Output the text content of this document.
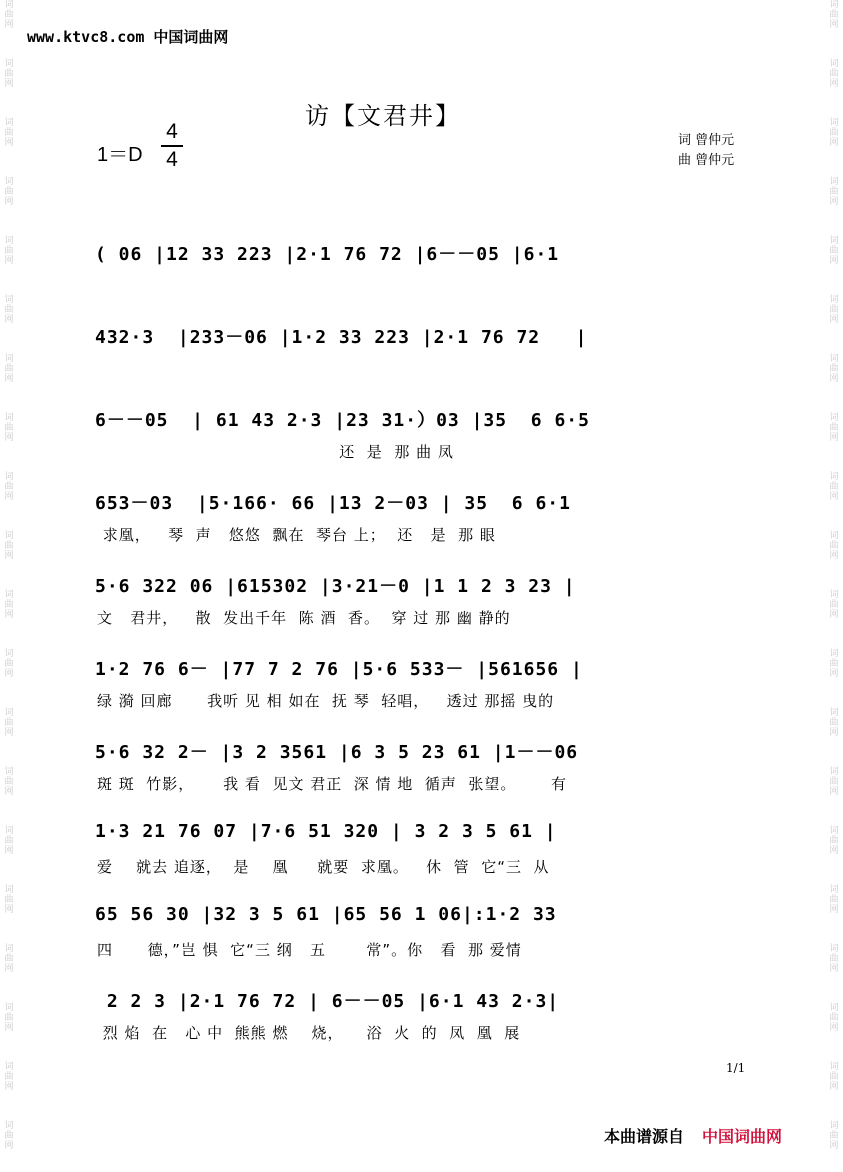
词
曲
网
词
曲
网
词
曲
网
词
曲
网
词
曲
网
词
曲
网
词
曲
网
词
曲
网
词
曲
网
词
曲
网
词
曲
网
词
曲
网
词
曲
网
词
曲
网
词
曲
网
词
曲
网
词
曲
网
词
曲
网
词
曲
网
词
曲
网
词
曲
网
词
曲
网
词
曲
网
词
曲
网
词
曲
网
词
曲
网
词
曲
网
词
曲
网
词
曲
网
词
曲
网
词
曲
网
词
曲
网
词
曲
网
词
曲
网
词
曲
网
词
曲
网
词
曲
网
词
曲
网
词
曲
网
词
曲
网
www.ktvc8.com 中国词曲网
访【文君井】
1＝D
4
4
词 曾仲元
曲 曾仲元
( 06 |12 33 223 |2·1 76 72 |6－－05 |6·1
432·3  |233－06 |1·2 33 223 |2·1 76 72   |
6－－05  | 61 43 2·3 |23 31·）03 |35  6 6·5
还  是  那 曲 凤
653－03  |5·166· 66 |13 2－03 | 35  6 6·1
求凰，   琴  声   悠悠  飘在  琴台 上；  还   是  那 眼
5·6 322 06 |615302 |3·21－0 |1 1 2 3 23 |
文   君井，   散  发出千年  陈 酒  香。  穿 过 那 幽 静的
1·2 76 6－ |77 7 2 76 |5·6 533－ |561656 |
绿 漪 回廊      我听 见 相 如在  抚 琴  轻唱，   透过 那摇 曳的
5·6 32 2－ |3 2 3561 |6 3 5 23 61 |1－－06
斑 斑  竹影，     我 看  见文 君正  深 情 地  循声  张望。      有
1·3 21 76 07 |7·6 51 320 | 3 2 3 5 61 |
爱    就去 追逐，  是    凰     就要  求凰。   休  管  它“三  从
65 56 30 |32 3 5 61 |65 56 1 06|:1·2 33
四      德，”岂 惧  它“三 纲   五       常”。你   看  那 爱情
2 2 3 |2·1 76 72 | 6－－05 |6·1 43 2·3|
烈 焰  在   心 中  熊熊 燃    烧，    浴  火  的  凤  凰  展
1/1
本曲谱源自 中国词曲网
